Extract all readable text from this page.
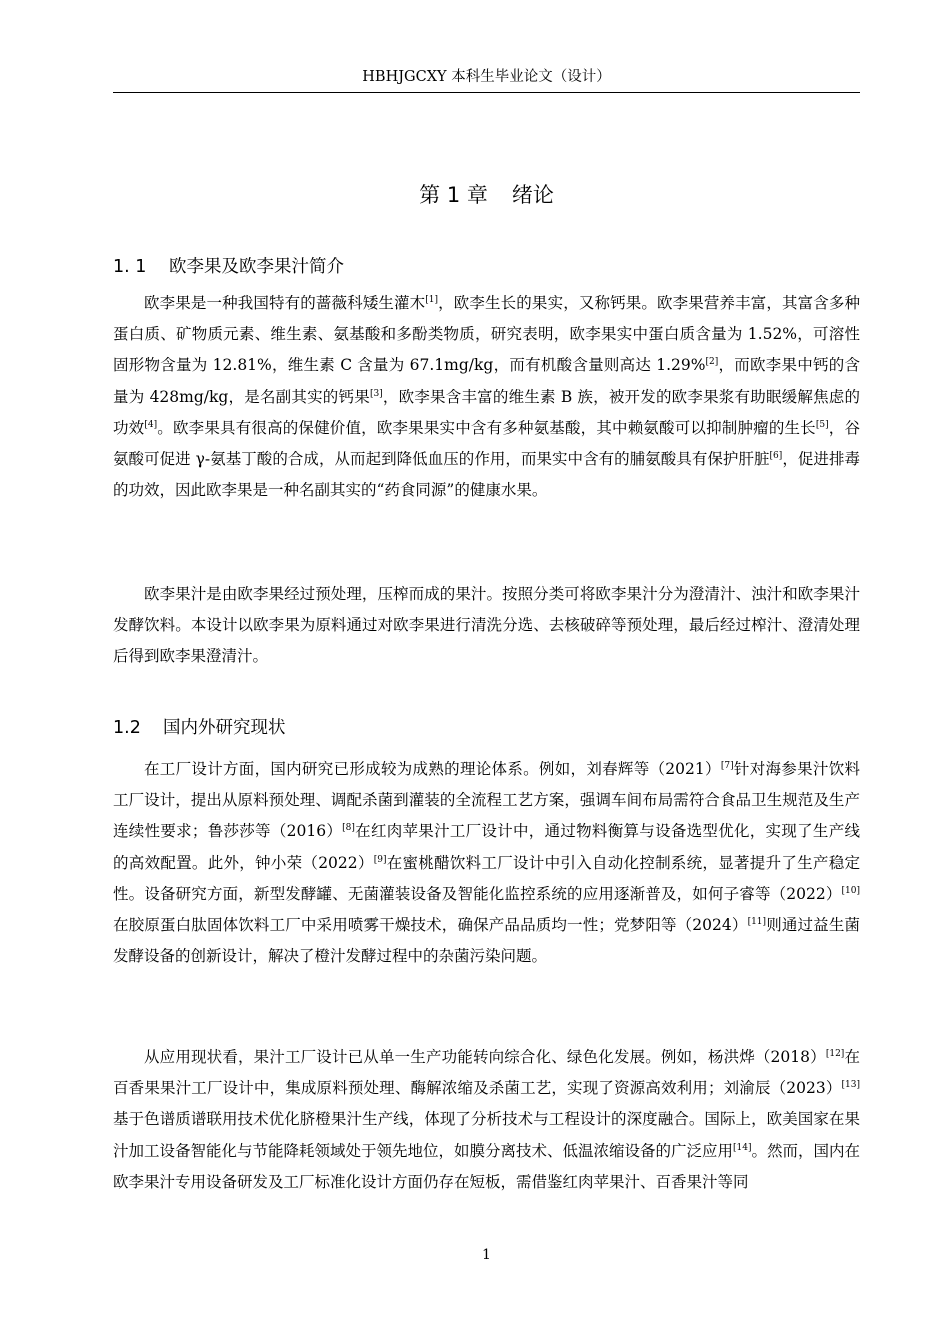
HBHJGCXY 本科生毕业论文（设计）
第 1 章 绪论
1. 1 欧李果及欧李果汁简介

欧李果是一种我国特有的蔷薇科矮生灌木[1]，欧李生长的果实，又称钙果。欧李果营养丰富，其富含多种蛋白质、矿物质元素、维生素、氨基酸和多酚类物质，研究表明，欧李果实中蛋白质含量为 1.52%，可溶性固形物含量为 12.81%，维生素 C 含量为 67.1mg/kg，而有机酸含量则高达 1.29%[2]，而欧李果中钙的含量为 428mg/kg，是名副其实的钙果[3]，欧李果含丰富的维生素 B 族，被开发的欧李果浆有助眠缓解焦虑的功效[4]。欧李果具有很高的保健价值，欧李果果实中含有多种氨基酸，其中赖氨酸可以抑制肿瘤的生长[5]，谷氨酸可促进 γ-氨基丁酸的合成，从而起到降低血压的作用，而果实中含有的脯氨酸具有保护肝脏[6]，促进排毒的功效，因此欧李果是一种名副其实的“药食同源”的健康水果。

欧李果汁是由欧李果经过预处理，压榨而成的果汁。按照分类可将欧李果汁分为澄清汁、浊汁和欧李果汁发酵饮料。本设计以欧李果为原料通过对欧李果进行清洗分选、去核破碎等预处理，最后经过榨汁、澄清处理后得到欧李果澄清汁。

1.2 国内外研究现状

在工厂设计方面，国内研究已形成较为成熟的理论体系。例如，刘春辉等（2021）[7]针对海参果汁饮料工厂设计，提出从原料预处理、调配杀菌到灌装的全流程工艺方案，强调车间布局需符合食品卫生规范及生产连续性要求；鲁莎莎等（2016）[8]在红肉苹果汁工厂设计中，通过物料衡算与设备选型优化，实现了生产线的高效配置。此外，钟小荣（2022）[9]在蜜桃醋饮料工厂设计中引入自动化控制系统，显著提升了生产稳定性。设备研究方面，新型发酵罐、无菌灌装设备及智能化监控系统的应用逐渐普及，如何子睿等（2022）[10]在胶原蛋白肽固体饮料工厂中采用喷雾干燥技术，确保产品品质均一性；党梦阳等（2024）[11]则通过益生菌发酵设备的创新设计，解决了橙汁发酵过程中的杂菌污染问题。

从应用现状看，果汁工厂设计已从单一生产功能转向综合化、绿色化发展。例如，杨洪烨（2018）[12]在百香果果汁工厂设计中，集成原料预处理、酶解浓缩及杀菌工艺，实现了资源高效利用；刘渝辰（2023）[13]基于色谱质谱联用技术优化脐橙果汁生产线，体现了分析技术与工程设计的深度融合。国际上，欧美国家在果汁加工设备智能化与节能降耗领域处于领先地位，如膜分离技术、低温浓缩设备的广泛应用[14]。然而，国内在欧李果汁专用设备研发及工厂标准化设计方面仍存在短板，需借鉴红肉苹果汁、百香果汁等同

1
